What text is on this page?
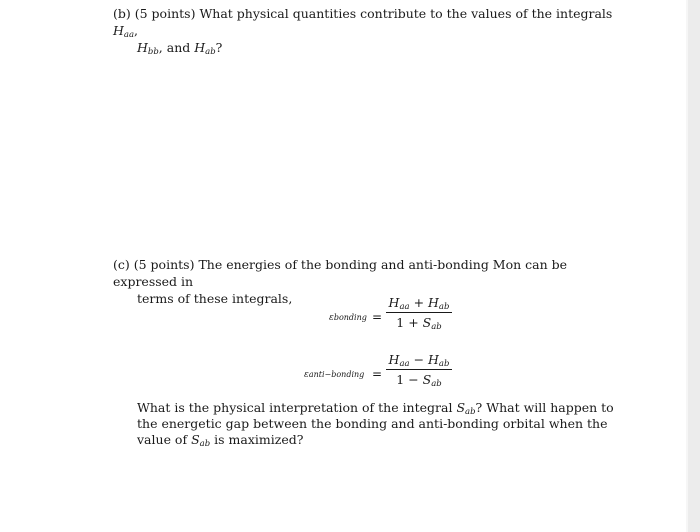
(b) (5 points) What physical quantities contribute to the values of the integrals $H_{aa}$,
$H_{bb}$, and $H_{ab}$?
(c) (5 points) The energies of the bonding and anti-bonding Mon can be expressed in
terms of these integrals,
εbonding =
$H_{aa} + H_{ab}$
$1 + S_{ab}$
εanti−bonding =
$H_{aa} - H_{ab}$
$1 - S_{ab}$
What is the physical interpretation of the integral $S_{ab}$? What will happen to the energetic gap between the bonding and anti-bonding orbital when the value of $S_{ab}$ is maximized?
